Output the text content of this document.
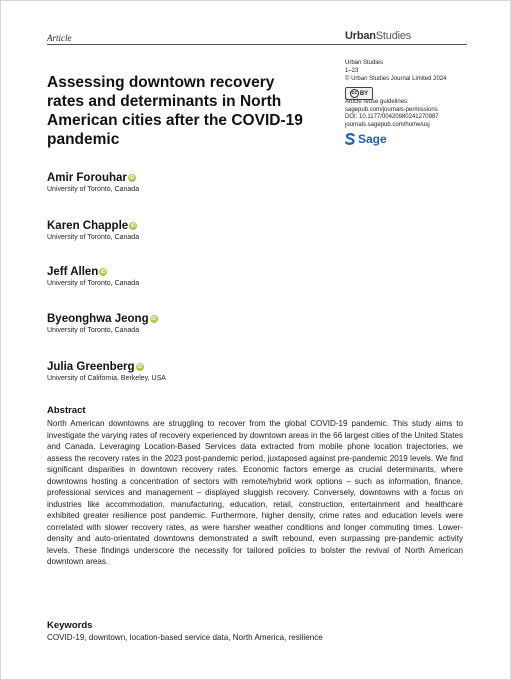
Article	UrbanStudies
Assessing downtown recovery rates and determinants in North American cities after the COVID-19 pandemic
Urban Studies
1–23
© Urban Studies Journal Limited 2024
cc BY
Article reuse guidelines:
sagepub.com/journals-permissions
DOI: 10.1177/00420980241270987
journals.sagepub.com/home/usj
Sage
Amir Forouhar iD
University of Toronto, Canada
Karen Chapple iD
University of Toronto, Canada
Jeff Allen iD
University of Toronto, Canada
Byeonghwa Jeong iD
University of Toronto, Canada
Julia Greenberg iD
University of California, Berkeley, USA
Abstract

North American downtowns are struggling to recover from the global COVID-19 pandemic. This study aims to investigate the varying rates of recovery experienced by downtown areas in the 66 largest cities of the United States and Canada. Leveraging Location-Based Services data extracted from mobile phone location trajectories, we assess the recovery rates in the 2023 post-pandemic period, juxtaposed against pre-pandemic 2019 levels. We find significant disparities in downtown recovery rates. Economic factors emerge as crucial determinants, where downtowns hosting a concentration of sectors with remote/hybrid work options – such as information, finance, professional services and management – displayed sluggish recovery. Conversely, downtowns with a focus on industries like accommodation, manufacturing, education, retail, construction, entertainment and healthcare exhibited greater resilience post pandemic. Furthermore, higher density, crime rates and education levels were correlated with slower recovery rates, as were harsher weather conditions and longer commuting times. Lower-density and auto-orientated downtowns demonstrated a swift rebound, even surpassing pre-pandemic activity levels. These findings underscore the necessity for tailored policies to bolster the revival of North American downtown areas.

Keywords
COVID-19, downtown, location-based service data, North America, resilience
